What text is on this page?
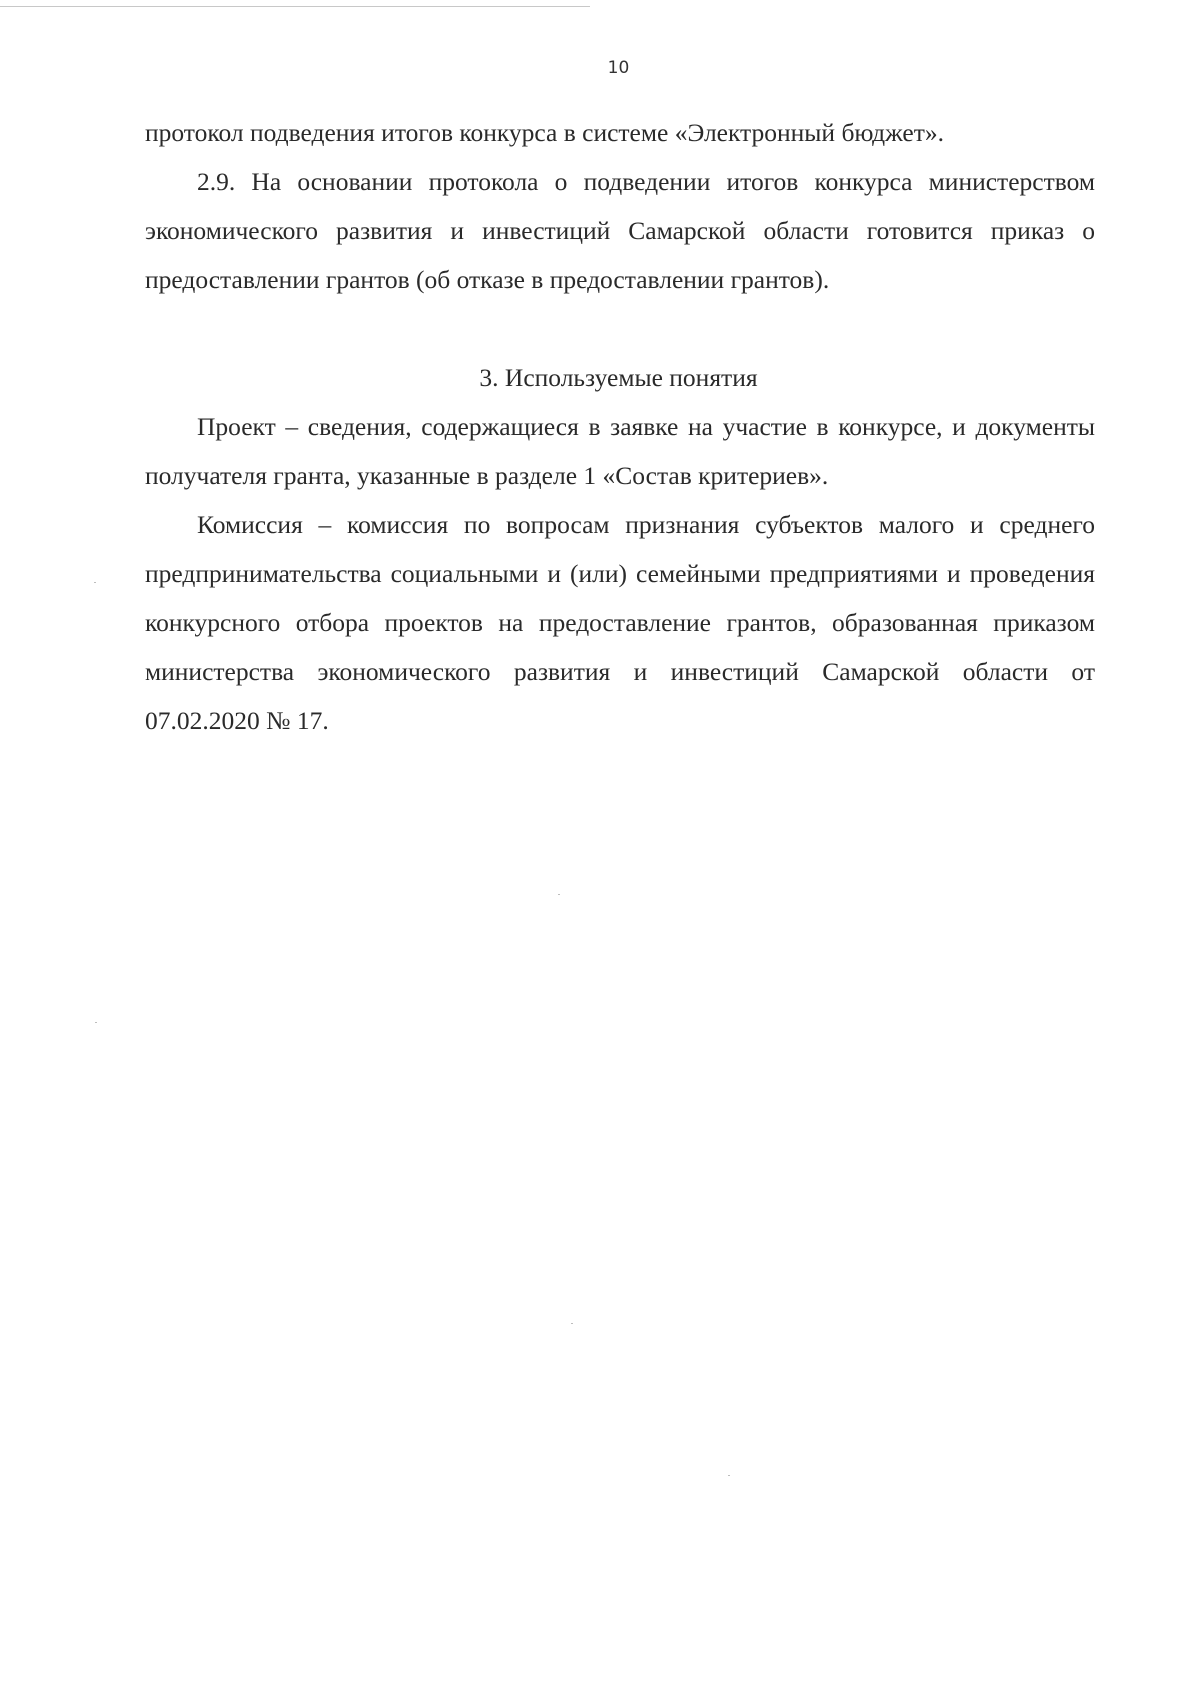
10

протокол подведения итогов конкурса в системе «Электронный бюджет».

2.9. На основании протокола о подведении итогов конкурса министерством экономического развития и инвестиций Самарской области готовится приказ о предоставлении грантов (об отказе в предоставлении грантов).

3. Используемые понятия

Проект – сведения, содержащиеся в заявке на участие в конкурсе, и документы получателя гранта, указанные в разделе 1 «Состав критериев».

Комиссия – комиссия по вопросам признания субъектов малого и среднего предпринимательства социальными и (или) семейными предприятиями и проведения конкурсного отбора проектов на предоставление грантов, образованная приказом министерства экономического развития и инвестиций Самарской области от 07.02.2020 № 17.
